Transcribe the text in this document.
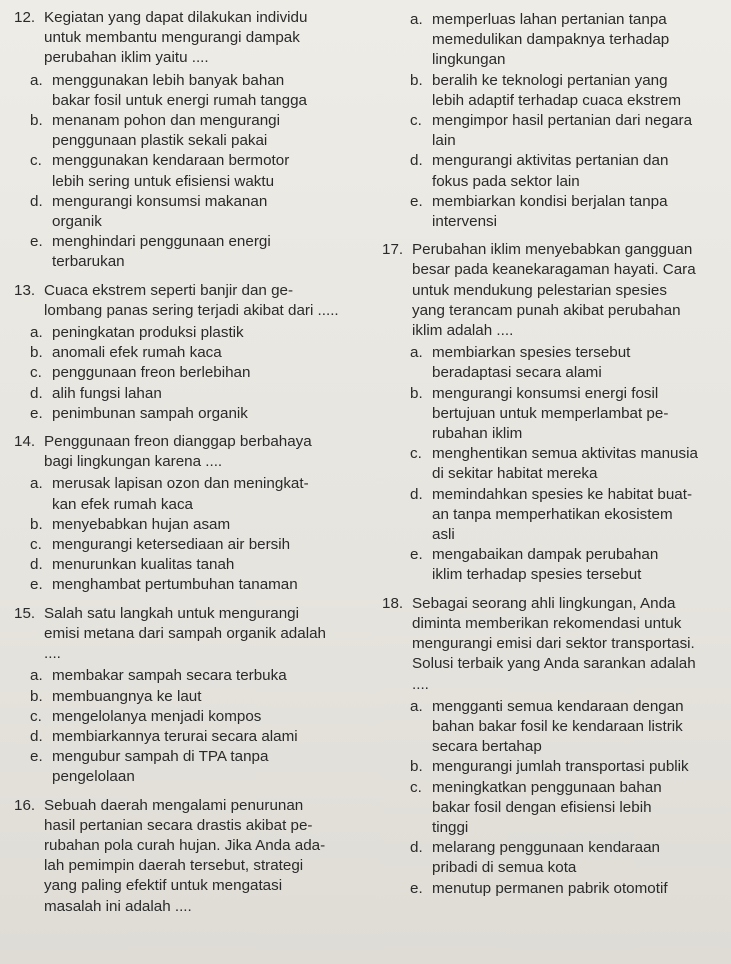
12. Kegiatan yang dapat dilakukan individu
untuk membantu mengurangi dampak
perubahan iklim yaitu ....
a. menggunakan lebih banyak bahan
bakar fosil untuk energi rumah tangga
b. menanam pohon dan mengurangi
penggunaan plastik sekali pakai
c. menggunakan kendaraan bermotor
lebih sering untuk efisiensi waktu
d. mengurangi konsumsi makanan
organik
e. menghindari penggunaan energi
terbarukan
13. Cuaca ekstrem seperti banjir dan ge-
lombang panas sering terjadi akibat dari .....
a. peningkatan produksi plastik
b. anomali efek rumah kaca
c. penggunaan freon berlebihan
d. alih fungsi lahan
e. penimbunan sampah organik
14. Penggunaan freon dianggap berbahaya
bagi lingkungan karena ....
a. merusak lapisan ozon dan meningkat-
kan efek rumah kaca
b. menyebabkan hujan asam
c. mengurangi ketersediaan air bersih
d. menurunkan kualitas tanah
e. menghambat pertumbuhan tanaman
15. Salah satu langkah untuk mengurangi
emisi metana dari sampah organik adalah
....
a. membakar sampah secara terbuka
b. membuangnya ke laut
c. mengelolanya menjadi kompos
d. membiarkannya terurai secara alami
e. mengubur sampah di TPA tanpa
pengelolaan
16. Sebuah daerah mengalami penurunan
hasil pertanian secara drastis akibat pe-
rubahan pola curah hujan. Jika Anda ada-
lah pemimpin daerah tersebut, strategi
yang paling efektif untuk mengatasi
masalah ini adalah ....
a. memperluas lahan pertanian tanpa
memedulikan dampaknya terhadap
lingkungan
b. beralih ke teknologi pertanian yang
lebih adaptif terhadap cuaca ekstrem
c. mengimpor hasil pertanian dari negara
lain
d. mengurangi aktivitas pertanian dan
fokus pada sektor lain
e. membiarkan kondisi berjalan tanpa
intervensi
17. Perubahan iklim menyebabkan gangguan
besar pada keanekaragaman hayati. Cara
untuk mendukung pelestarian spesies
yang terancam punah akibat perubahan
iklim adalah ....
a. membiarkan spesies tersebut
beradaptasi secara alami
b. mengurangi konsumsi energi fosil
bertujuan untuk memperlambat pe-
rubahan iklim
c. menghentikan semua aktivitas manusia
di sekitar habitat mereka
d. memindahkan spesies ke habitat buat-
an tanpa memperhatikan ekosistem
asli
e. mengabaikan dampak perubahan
iklim terhadap spesies tersebut
18. Sebagai seorang ahli lingkungan, Anda
diminta memberikan rekomendasi untuk
mengurangi emisi dari sektor transportasi.
Solusi terbaik yang Anda sarankan adalah
....
a. mengganti semua kendaraan dengan
bahan bakar fosil ke kendaraan listrik
secara bertahap
b. mengurangi jumlah transportasi publik
c. meningkatkan penggunaan bahan
bakar fosil dengan efisiensi lebih
tinggi
d. melarang penggunaan kendaraan
pribadi di semua kota
e. menutup permanen pabrik otomotif
